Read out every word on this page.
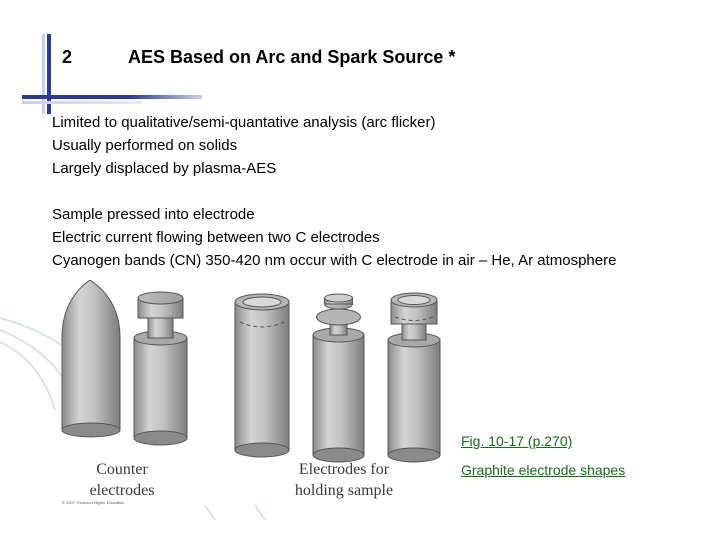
2	AES Based on Arc and Spark Source *
Limited to qualitative/semi-quantative analysis (arc flicker)
Usually performed on solids
Largely displaced by plasma-AES
Sample pressed into electrode
Electric current flowing between two C electrodes
Cyanogen bands (CN) 350-420 nm occur with C electrode in air – He, Ar atmosphere
Counter
electrodes
Electrodes for
holding sample
© 2007 Thomson Higher Education
Fig. 10-17 (p.270)
Graphite electrode shapes
